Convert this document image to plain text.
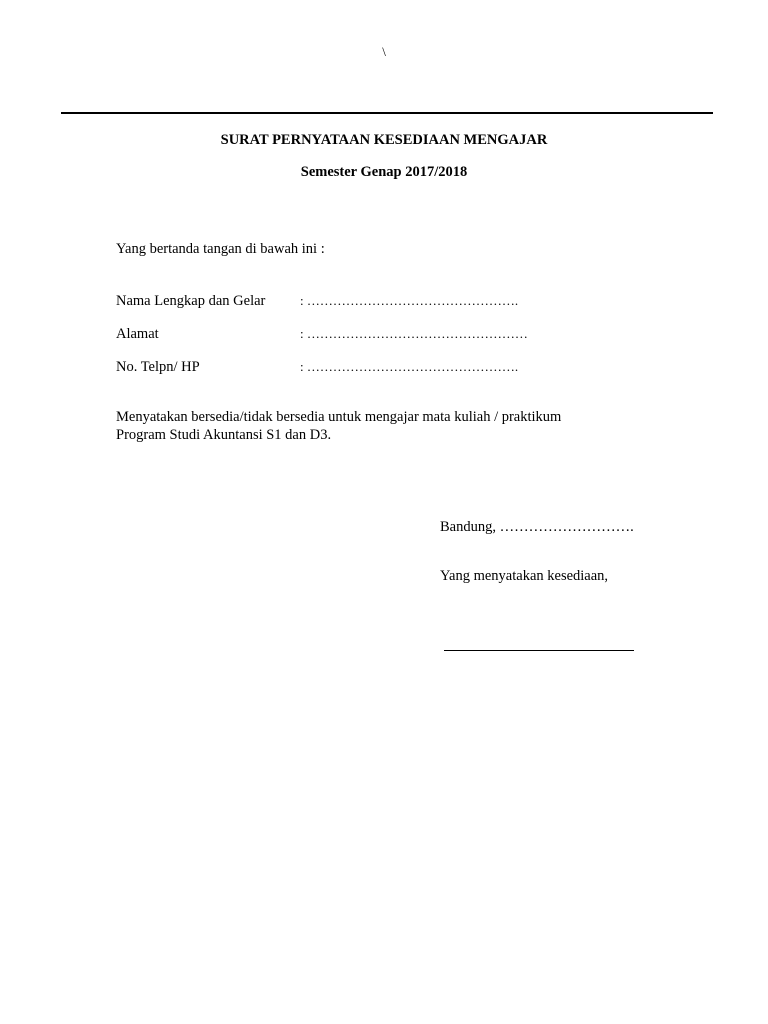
\
SURAT PERNYATAAN KESEDIAAN MENGAJAR
Semester Genap 2017/2018
Yang bertanda tangan di bawah ini :
Nama Lengkap dan Gelar	: ………………………………………….
Alamat	: ……………………………………………
No. Telpn/ HP	: ………………………………………….
Menyatakan bersedia/tidak bersedia untuk mengajar mata kuliah / praktikum
Program Studi Akuntansi S1 dan D3.
Bandung, ……………………….
Yang menyatakan kesediaan,
